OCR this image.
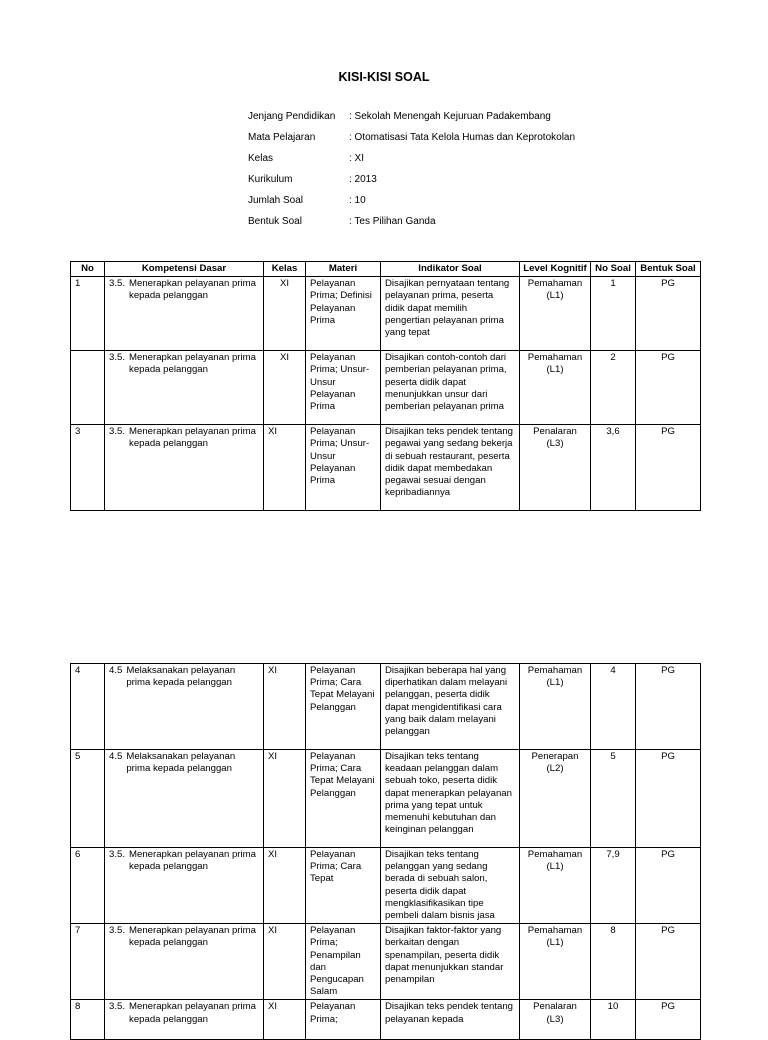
KISI-KISI SOAL
Jenjang Pendidikan : Sekolah Menengah Kejuruan Padakembang
Mata Pelajaran	: Otomatisasi Tata Kelola Humas dan Keprotokolan
Kelas	: XI
Kurikulum	: 2013
Jumlah Soal	: 10
Bentuk Soal	: Tes Pilihan Ganda
No	Kompetensi Dasar	Kelas	Materi	Indikator Soal	Level Kognitif	No Soal	Bentuk Soal
1	3.5. Menerapkan pelayanan prima kepada pelanggan	XI	Pelayanan Prima; Definisi Pelayanan Prima	Disajikan pernyataan tentang pelayanan prima, peserta didik dapat memilih pengertian pelayanan prima yang tepat	Pemahaman (L1)	1	PG

	3.5. Menerapkan pelayanan prima kepada pelanggan	XI	Pelayanan Prima; Unsur-Unsur Pelayanan Prima	Disajikan contoh-contoh dari pemberian pelayanan prima, peserta didik dapat menunjukkan unsur dari pemberian pelayanan prima	Pemahaman (L1)	2	PG
3	3.5. Menerapkan pelayanan prima kepada pelanggan	XI	Pelayanan Prima; Unsur-Unsur Pelayanan Prima	Disajikan teks pendek tentang pegawai yang sedang bekerja di sebuah restaurant, peserta didik dapat membedakan pegawai sesuai dengan kepribadiannya	Penalaran (L3)	3,6	PG
4	4.5 Melaksanakan pelayanan prima kepada pelanggan	XI	Pelayanan Prima; Cara Tepat Melayani Pelanggan	Disajikan beberapa hal yang diperhatikan dalam melayani pelanggan, peserta didik dapat mengidentifikasi cara yang baik dalam melayani pelanggan	Pemahaman (L1)	4	PG
5	4.5 Melaksanakan pelayanan prima kepada pelanggan	XI	Pelayanan Prima; Cara Tepat Melayani Pelanggan	Disajikan teks tentang keadaan pelanggan dalam sebuah toko, peserta didik dapat menerapkan pelayanan prima yang tepat untuk memenuhi kebutuhan dan keinginan pelanggan	Penerapan (L2)	5	PG
6	3.5. Menerapkan pelayanan prima kepada pelanggan	XI	Pelayanan Prima; Cara Tepat	Disajikan teks tentang pelanggan yang sedang berada di sebuah salon, peserta didik dapat mengklasifikasikan tipe pembeli dalam bisnis jasa	Pemahaman (L1)	7,9	PG
7	3.5. Menerapkan pelayanan prima kepada pelanggan	XI	Pelayanan Prima; Penampilan dan Pengucapan Salam	Disajikan faktor-faktor yang berkaitan dengan spenampilan, peserta didik dapat menunjukkan standar penampilan	Pemahaman (L1)	8	PG
8	3.5. Menerapkan pelayanan prima kepada pelanggan	XI	Pelayanan Prima;	Disajikan teks pendek tentang pelayanan kepada	Penalaran (L3)	10	PG
